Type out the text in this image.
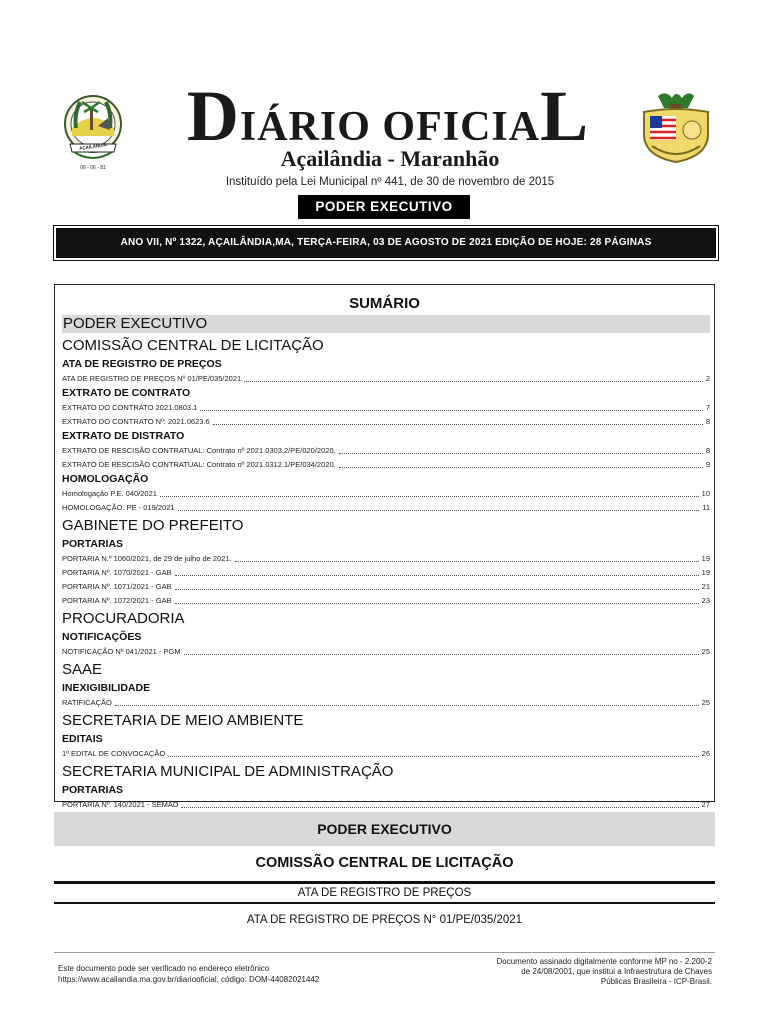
AÇAILÂNDIA
06 - 06 - 81
DIÁRIO OFICIAL
Açailândia - Maranhão
Instituído pela Lei Municipal nº 441, de 30 de novembro de 2015
PODER EXECUTIVO
ANO VII, Nº 1322, AÇAILÂNDIA,MA, TERÇA-FEIRA, 03 DE AGOSTO DE 2021 EDIÇÃO DE HOJE: 28 PÁGINAS
SUMÁRIO
PODER EXECUTIVO
COMISSÃO CENTRAL DE LICITAÇÃO
ATA DE REGISTRO DE PREÇOS
ATA DE REGISTRO DE PREÇOS Nº 01/PE/035/2021	2
EXTRATO DE CONTRATO
EXTRATO DO CONTRATO 2021.0803.1	7
EXTRATO DO CONTRATO Nº: 2021.0623.6	8
EXTRATO DE DISTRATO
EXTRATO DE RESCISÃO CONTRATUAL: Contrato nº 2021.0303.2/PE/020/2020.	8
EXTRATO DE RESCISÃO CONTRATUAL: Contrato nº 2021.0312.1/PE/034/2020.	9
HOMOLOGAÇÃO
Homologação P.E. 040/2021	10
HOMOLOGAÇÃO. PE - 019/2021	11
GABINETE DO PREFEITO
PORTARIAS
PORTARIA N.º 1060/2021, de 29 de julho de 2021.	19
PORTARIA Nº. 1070/2021 - GAB	19
PORTARIA Nº. 1071/2021 - GAB	21
PORTARIA Nº. 1072/2021 - GAB	23
PROCURADORIA
NOTIFICAÇÕES
NOTIFICAÇÃO Nº 041/2021 - PGM	25
SAAE
INEXIGIBILIDADE
RATIFICAÇÃO	25
SECRETARIA DE MEIO AMBIENTE
EDITAIS
1º EDITAL DE CONVOCAÇÃO	26
SECRETARIA MUNICIPAL DE ADMINISTRAÇÃO
PORTARIAS
PORTARIA Nº. 140/2021 - SEMAD	27
PODER EXECUTIVO
COMISSÃO CENTRAL DE LICITAÇÃO
ATA DE REGISTRO DE PREÇOS
ATA DE REGISTRO DE PREÇOS N° 01/PE/035/2021
Este documento pode ser verificado no endereço eletrônico
https://www.acailandia.ma.gov.br/diariooficial, código: DOM-44082021442
Documento assinado digitalmente conforme MP no - 2.200-2
de 24/08/2001, que institui a Infraestrutura de Chaves
Públicas Brasileira - ICP-Brasil.
